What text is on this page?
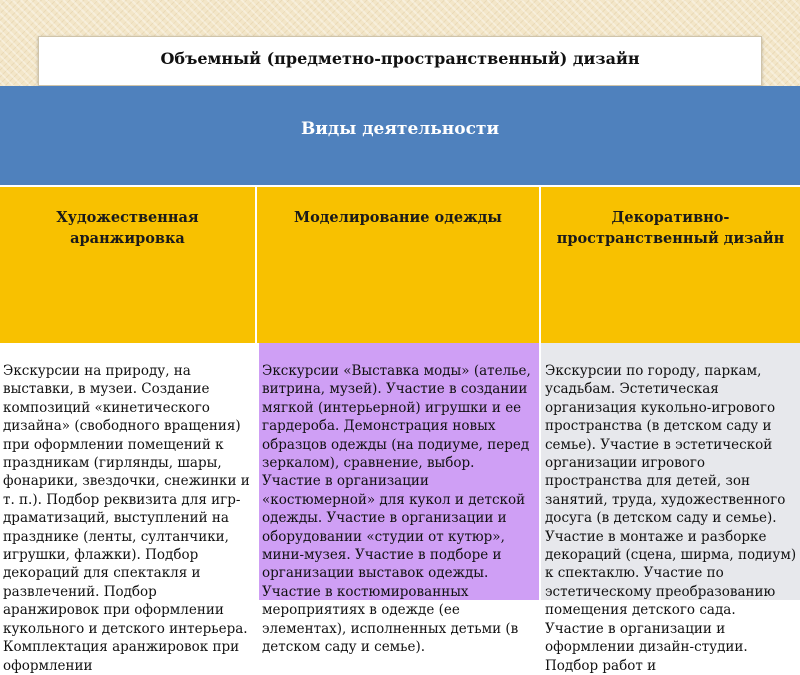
Объемный (предметно-пространственный) дизайн
Виды деятельности
Художественная аранжировка
Моделирование одежды	Декоративно-пространственный дизайн
Экскурсии на природу, на выставки, в музеи. Создание композиций «кинетического дизайна» (свободного вращения) при оформлении помещений к праздникам (гирлянды, шары, фонарики, звездочки, снежинки и т. п.). Подбор реквизита для игр-драматизаций, выступлений на празднике (ленты, султанчики, игрушки, флажки). Подбор декораций для спектакля и развлечений. Подбор аранжировок при оформлении кукольного и детского интерьера. Комплектация аранжировок при оформлении
Экскурсии «Выставка моды» (ателье, витрина, музей). Участие в создании мягкой (интерьерной) игрушки и ее гардероба. Демонстрация новых образцов одежды (на подиуме, перед зеркалом), сравнение, выбор. Участие в организации «костюмерной» для кукол и детской одежды. Участие в организации и оборудовании «студии от кутюр», мини-музея. Участие в подборе и организации выставок одежды. Участие в костюмированных мероприятиях в одежде (ее элементах), исполненных детьми (в детском саду и семье).
Экскурсии по городу, паркам, усадьбам. Эстетическая организация кукольно-игрового пространства (в детском саду и семье). Участие в эстетической организации игрового пространства для детей, зон занятий, труда, художественного досуга (в детском саду и семье). Участие в монтаже и разборке декораций (сцена, ширма, подиум) к спектаклю. Участие по эстетическому преобразованию помещения детского сада. Участие в организации и оформлении дизайн-студии. Подбор работ и
